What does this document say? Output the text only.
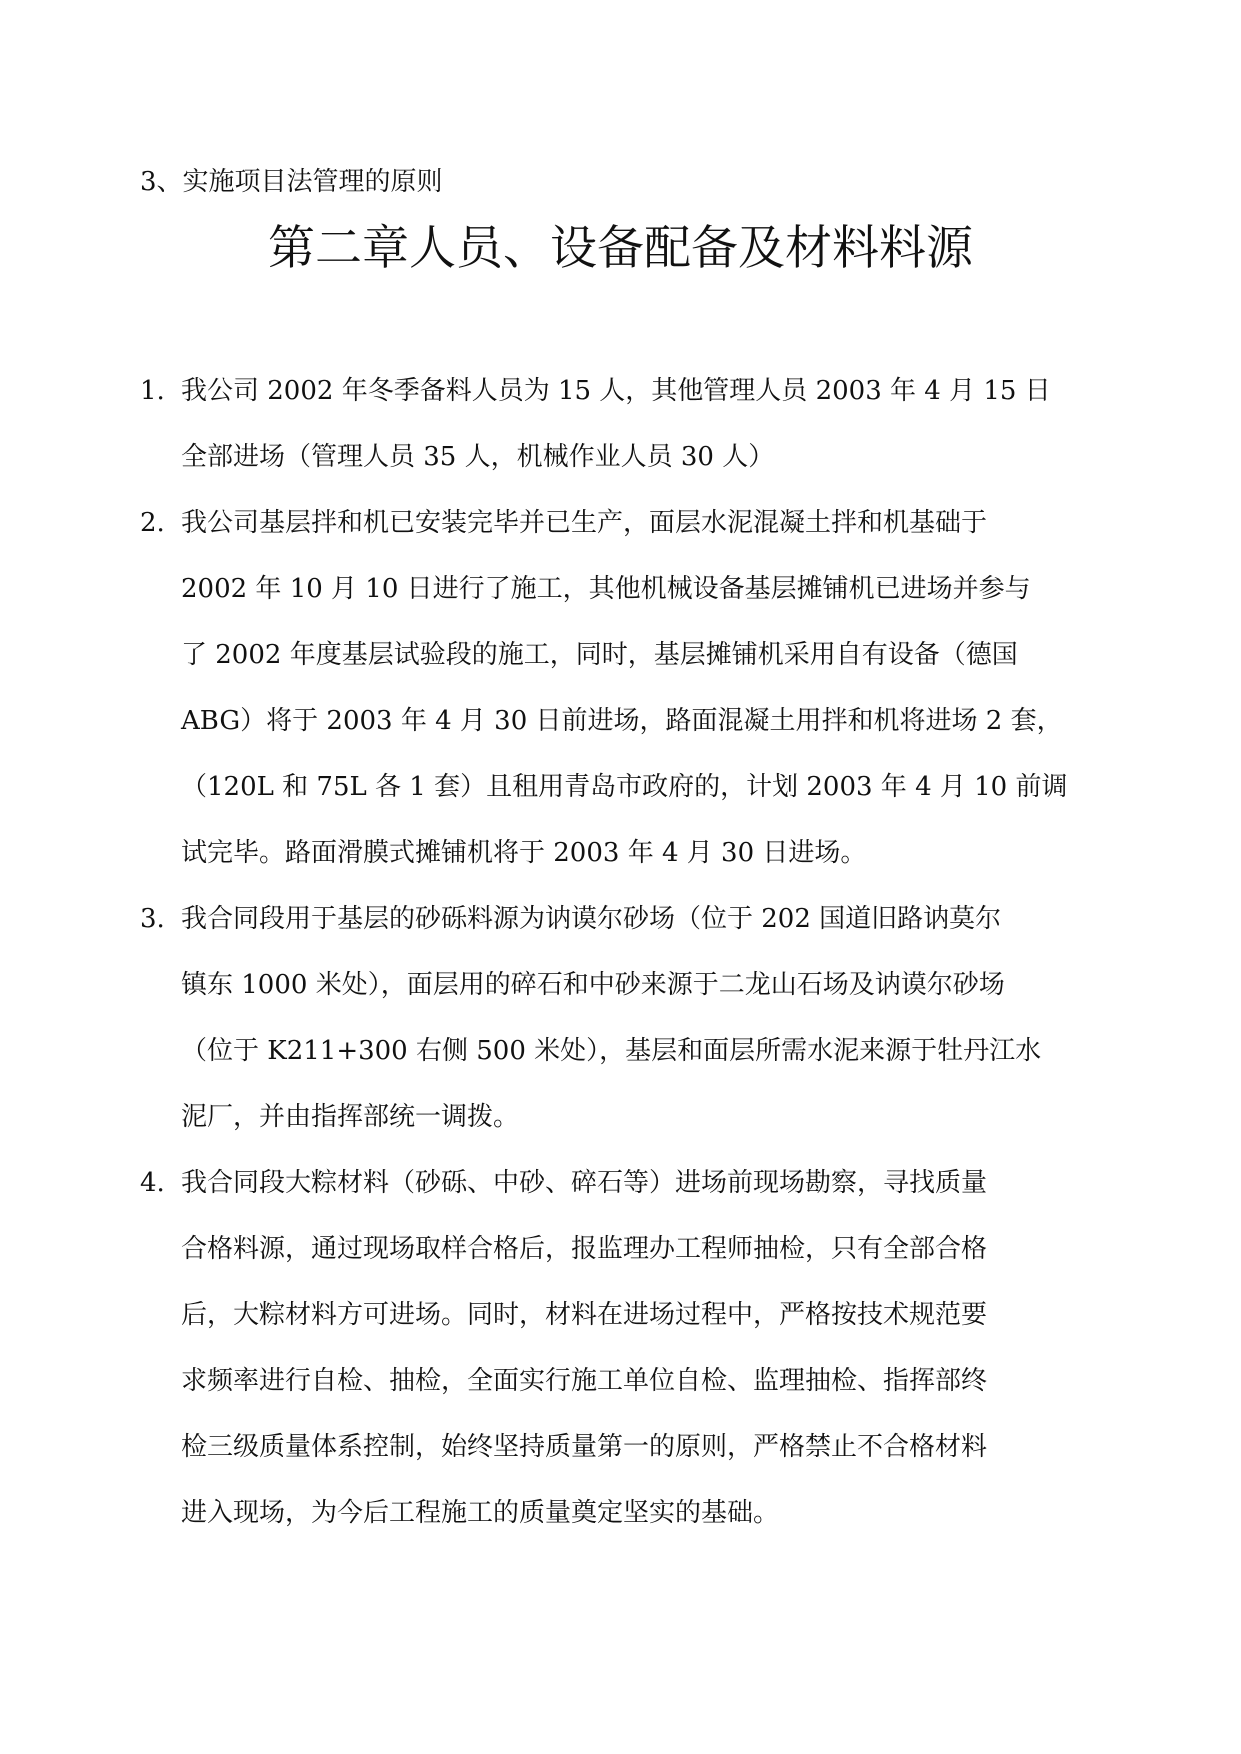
3、实施项目法管理的原则
第二章人员、设备配备及材料料源
1. 我公司 2002 年冬季备料人员为 15 人，其他管理人员 2003 年 4 月 15 日
全部进场（管理人员 35 人，机械作业人员 30 人）
2. 我公司基层拌和机已安装完毕并已生产，面层水泥混凝土拌和机基础于
2002 年 10 月 10 日进行了施工，其他机械设备基层摊铺机已进场并参与
了 2002 年度基层试验段的施工，同时，基层摊铺机采用自有设备（德国
ABG）将于 2003 年 4 月 30 日前进场，路面混凝土用拌和机将进场 2 套，
（120L 和 75L 各 1 套）且租用青岛市政府的，计划 2003 年 4 月 10 前调
试完毕。路面滑膜式摊铺机将于 2003 年 4 月 30 日进场。
3. 我合同段用于基层的砂砾料源为讷谟尔砂场（位于 202 国道旧路讷莫尔
镇东 1000 米处），面层用的碎石和中砂来源于二龙山石场及讷谟尔砂场
（位于 K211+300 右侧 500 米处），基层和面层所需水泥来源于牡丹江水
泥厂，并由指挥部统一调拨。
4. 我合同段大粽材料（砂砾、中砂、碎石等）进场前现场勘察，寻找质量
合格料源，通过现场取样合格后，报监理办工程师抽检，只有全部合格
后，大粽材料方可进场。同时，材料在进场过程中，严格按技术规范要
求频率进行自检、抽检，全面实行施工单位自检、监理抽检、指挥部终
检三级质量体系控制，始终坚持质量第一的原则，严格禁止不合格材料
进入现场，为今后工程施工的质量奠定坚实的基础。
